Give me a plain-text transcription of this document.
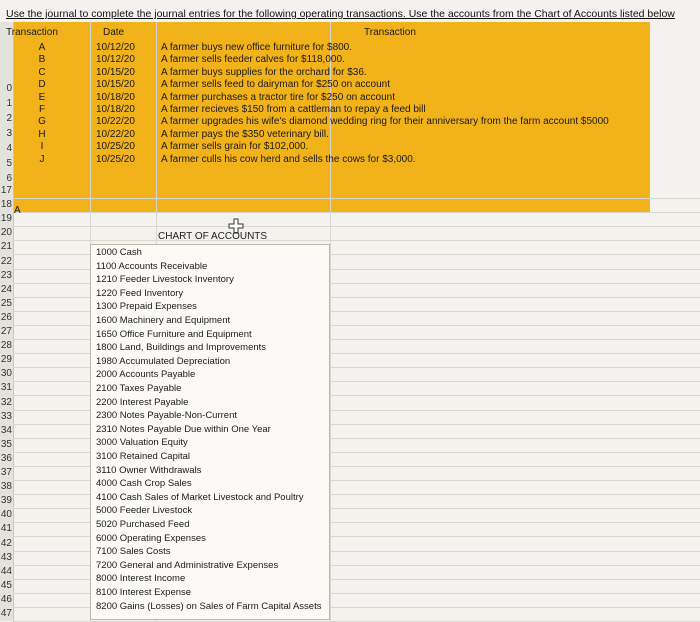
0
1
2
3
4
5
6
17
18
19
20
21
22
23
24
25
26
27
28
29
30
31
32
33
34
35
36
37
38
39
40
41
42
43
44
45
46
47
Use the journal to complete the journal entries for the following operating transactions. Use the accounts from the Chart of Accounts listed below
Transaction	Date	Transaction
A	10/12/20	A farmer buys new office furniture for $800.
B	10/12/20	A farmer sells feeder calves for $118,000.
C	10/15/20	A farmer buys supplies for the orchard for $36.
D	10/15/20	A farmer sells feed to dairyman for $250 on account
E	10/18/20	A farmer purchases a tractor tire for $250 on account
F	10/18/20	A farmer recieves $150 from a cattleman to repay a feed bill
G	10/22/20	A farmer upgrades his wife's diamond wedding ring for their anniversary from the farm account $5000
H	10/22/20	A farmer pays the $350 veterinary bill.
I	10/25/20	A farmer sells grain for $102,000.
J	10/25/20	A farmer culls his cow herd and sells the cows for $3,000.
A
CHART OF ACCOUNTS
1000 Cash
1100 Accounts Receivable
1210 Feeder Livestock Inventory
1220 Feed Inventory
1300 Prepaid Expenses
1600 Machinery and Equipment
1650 Office Furniture and Equipment
1800 Land, Buildings and Improvements
1980 Accumulated Depreciation
2000 Accounts Payable
2100 Taxes Payable
2200 Interest Payable
2300 Notes Payable-Non-Current
2310 Notes Payable Due within One Year
3000 Valuation Equity
3100 Retained Capital
3110 Owner Withdrawals
4000 Cash Crop Sales
4100 Cash Sales of Market Livestock and Poultry
5000 Feeder Livestock
5020 Purchased Feed
6000 Operating Expenses
7100 Sales Costs
7200 General and Administrative Expenses
8000 Interest Income
8100 Interest Expense
8200 Gains (Losses) on Sales of Farm Capital Assets
